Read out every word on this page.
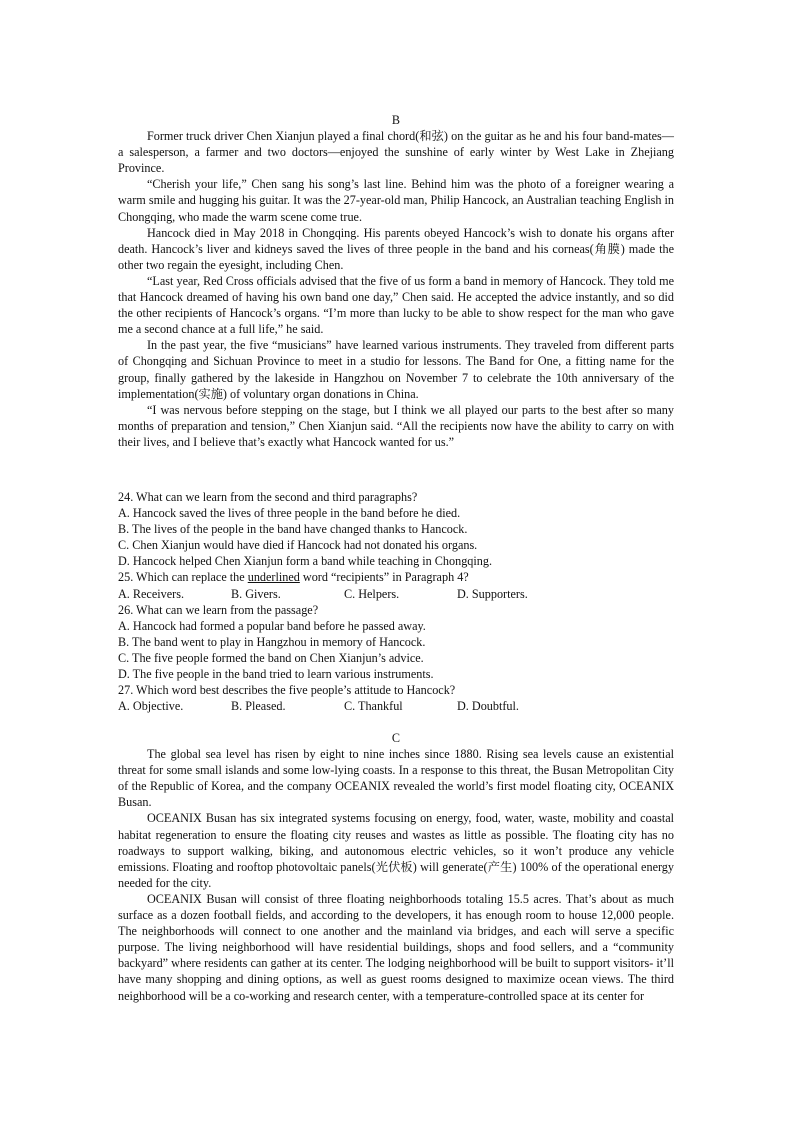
B

Former truck driver Chen Xianjun played a final chord(和弦) on the guitar as he and his four band-mates—a salesperson, a farmer and two doctors—enjoyed the sunshine of early winter by West Lake in Zhejiang Province.

“Cherish your life,” Chen sang his song’s last line. Behind him was the photo of a foreigner wearing a warm smile and hugging his guitar. It was the 27-year-old man, Philip Hancock, an Australian teaching English in Chongqing, who made the warm scene come true.

Hancock died in May 2018 in Chongqing. His parents obeyed Hancock’s wish to donate his organs after death. Hancock’s liver and kidneys saved the lives of three people in the band and his corneas(角膜) made the other two regain the eyesight, including Chen.

“Last year, Red Cross officials advised that the five of us form a band in memory of Hancock. They told me that Hancock dreamed of having his own band one day,” Chen said. He accepted the advice instantly, and so did the other recipients of Hancock’s organs. “I’m more than lucky to be able to show respect for the man who gave me a second chance at a full life,” he said.

In the past year, the five “musicians” have learned various instruments. They traveled from different parts of Chongqing and Sichuan Province to meet in a studio for lessons. The Band for One, a fitting name for the group, finally gathered by the lakeside in Hangzhou on November 7 to celebrate the 10th anniversary of the implementation(实施) of voluntary organ donations in China.

“I was nervous before stepping on the stage, but I think we all played our parts to the best after so many months of preparation and tension,” Chen Xianjun said. “All the recipients now have the ability to carry on with their lives, and I believe that’s exactly what Hancock wanted for us.”

24. What can we learn from the second and third paragraphs?

A. Hancock saved the lives of three people in the band before he died.

B. The lives of the people in the band have changed thanks to Hancock.

C. Chen Xianjun would have died if Hancock had not donated his organs.

D. Hancock helped Chen Xianjun form a band while teaching in Chongqing.

25. Which can replace the underlined word “recipients” in Paragraph 4?

A. Receivers.	B. Givers.	C. Helpers.	D. Supporters.

26. What can we learn from the passage?

A. Hancock had formed a popular band before he passed away.

B. The band went to play in Hangzhou in memory of Hancock.

C. The five people formed the band on Chen Xianjun’s advice.

D. The five people in the band tried to learn various instruments.

27. Which word best describes the five people’s attitude to Hancock?

A. Objective.	B. Pleased.	C. Thankful	D. Doubtful.

C

The global sea level has risen by eight to nine inches since 1880. Rising sea levels cause an existential threat for some small islands and some low-lying coasts. In a response to this threat, the Busan Metropolitan City of the Republic of Korea, and the company OCEANIX revealed the world’s first model floating city, OCEANIX Busan.

OCEANIX Busan has six integrated systems focusing on energy, food, water, waste, mobility and coastal habitat regeneration to ensure the floating city reuses and wastes as little as possible. The floating city has no roadways to support walking, biking, and autonomous electric vehicles, so it won’t produce any vehicle emissions. Floating and rooftop photovoltaic panels(光伏板) will generate(产生) 100% of the operational energy needed for the city.

OCEANIX Busan will consist of three floating neighborhoods totaling 15.5 acres. That’s about as much surface as a dozen football fields, and according to the developers, it has enough room to house 12,000 people. The neighborhoods will connect to one another and the mainland via bridges, and each will serve a specific purpose. The living neighborhood will have residential buildings, shops and food sellers, and a “community backyard” where residents can gather at its center. The lodging neighborhood will be built to support visitors- it’ll have many shopping and dining options, as well as guest rooms designed to maximize ocean views. The third neighborhood will be a co-working and research center, with a temperature-controlled space at its center for
